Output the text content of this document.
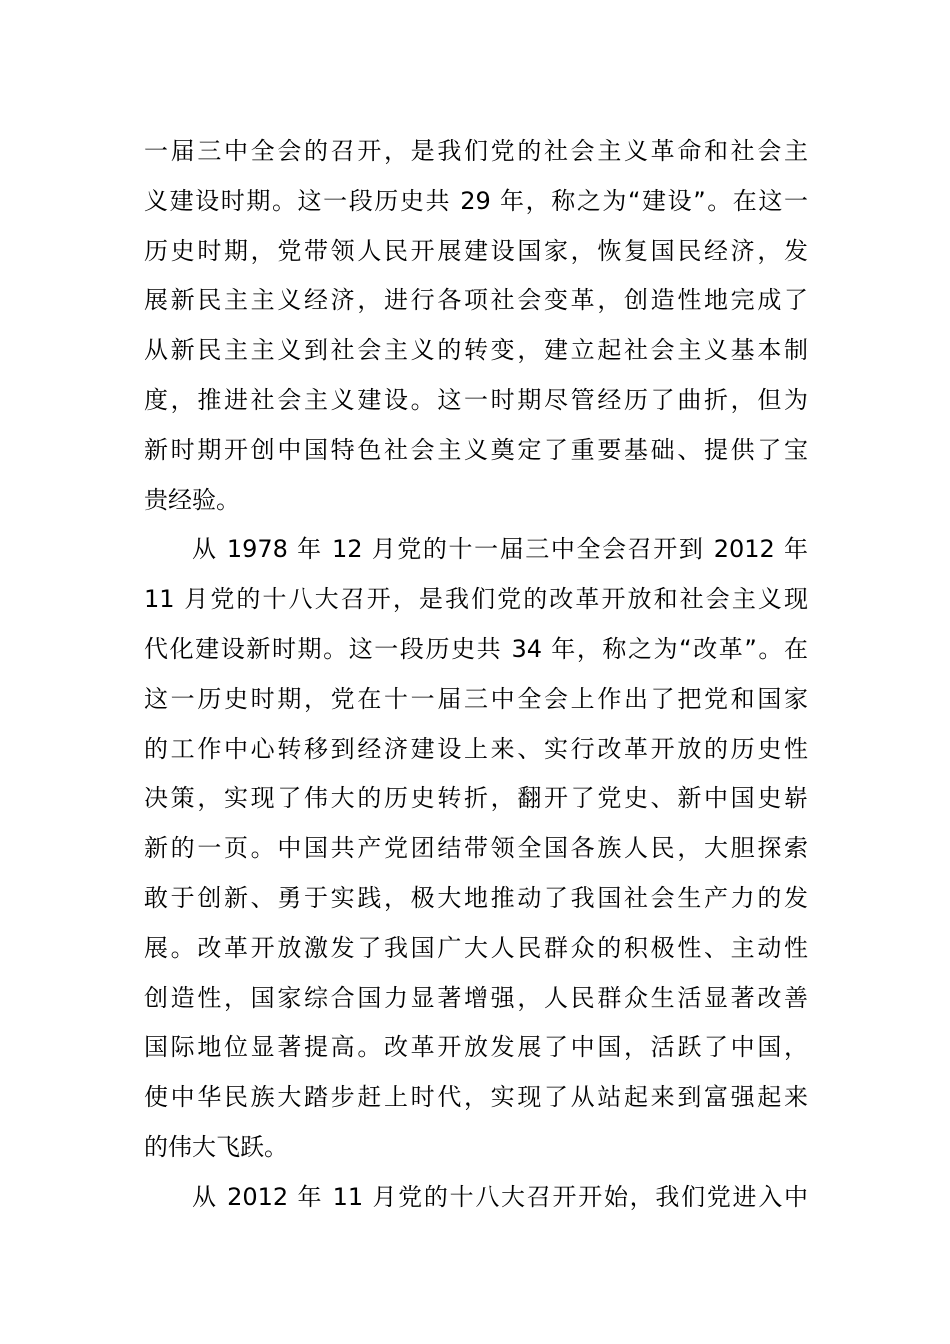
一届三中全会的召开，是我们党的社会主义革命和社会主
义建设时期。这一段历史共 29 年，称之为“建设”。在这一
历史时期，党带领人民开展建设国家，恢复国民经济，发
展新民主主义经济，进行各项社会变革，创造性地完成了
从新民主主义到社会主义的转变，建立起社会主义基本制
度，推进社会主义建设。这一时期尽管经历了曲折，但为
新时期开创中国特色社会主义奠定了重要基础、提供了宝
贵经验。
从 1978 年 12 月党的十一届三中全会召开到 2012 年
11 月党的十八大召开，是我们党的改革开放和社会主义现
代化建设新时期。这一段历史共 34 年，称之为“改革”。在
这一历史时期，党在十一届三中全会上作出了把党和国家
的工作中心转移到经济建设上来、实行改革开放的历史性
决策，实现了伟大的历史转折，翻开了党史、新中国史崭
新的一页。中国共产党团结带领全国各族人民，大胆探索
敢于创新、勇于实践，极大地推动了我国社会生产力的发
展。改革开放激发了我国广大人民群众的积极性、主动性
创造性，国家综合国力显著增强，人民群众生活显著改善
国际地位显著提高。改革开放发展了中国，活跃了中国，
使中华民族大踏步赶上时代，实现了从站起来到富强起来
的伟大飞跃。
从 2012 年 11 月党的十八大召开开始，我们党进入中
